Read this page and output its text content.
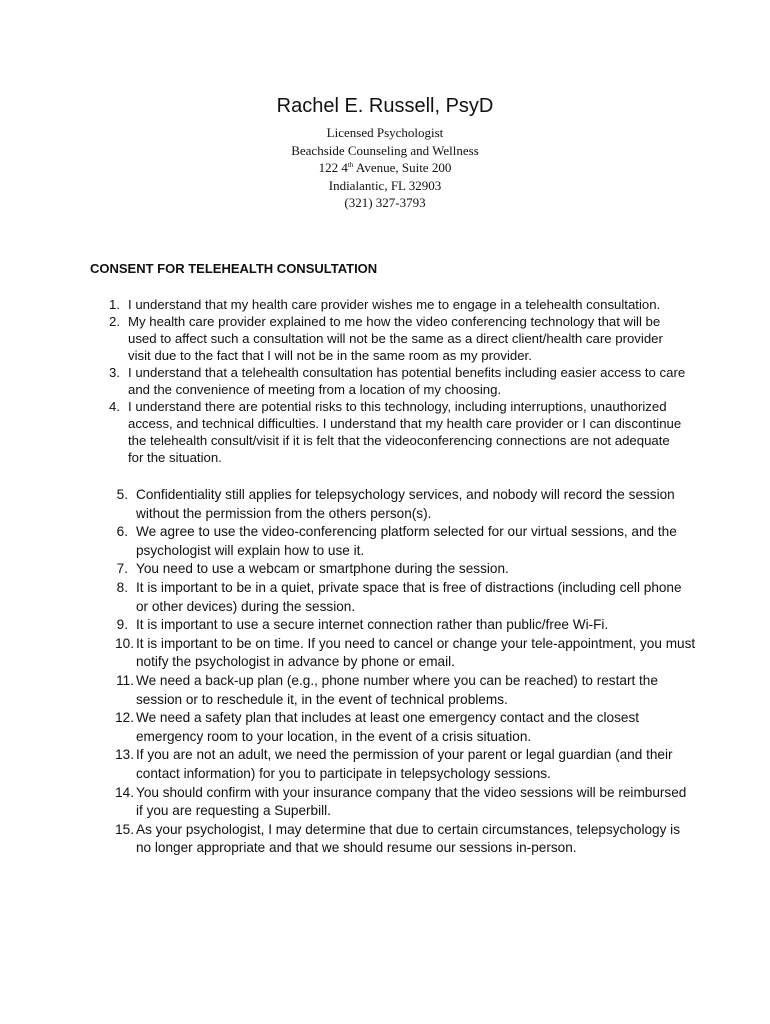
Rachel E. Russell, PsyD

Licensed Psychologist

Beachside Counseling and Wellness

122 4th Avenue, Suite 200

Indialantic, FL 32903

(321) 327-3793

CONSENT FOR TELEHEALTH CONSULTATION

1. I understand that my health care provider wishes me to engage in a telehealth consultation.
2. My health care provider explained to me how the video conferencing technology that will be used to affect such a consultation will not be the same as a direct client/health care provider visit due to the fact that I will not be in the same room as my provider.
3. I understand that a telehealth consultation has potential benefits including easier access to care and the convenience of meeting from a location of my choosing.
4. I understand there are potential risks to this technology, including interruptions, unauthorized access, and technical difficulties. I understand that my health care provider or I can discontinue the telehealth consult/visit if it is felt that the videoconferencing connections are not adequate for the situation.
5. Confidentiality still applies for telepsychology services, and nobody will record the session without the permission from the others person(s).
6. We agree to use the video-conferencing platform selected for our virtual sessions, and the psychologist will explain how to use it.
7. You need to use a webcam or smartphone during the session.
8. It is important to be in a quiet, private space that is free of distractions (including cell phone or other devices) during the session.
9. It is important to use a secure internet connection rather than public/free Wi-Fi.
10. It is important to be on time. If you need to cancel or change your tele-appointment, you must notify the psychologist in advance by phone or email.
11. We need a back-up plan (e.g., phone number where you can be reached) to restart the session or to reschedule it, in the event of technical problems.
12. We need a safety plan that includes at least one emergency contact and the closest emergency room to your location, in the event of a crisis situation.
13. If you are not an adult, we need the permission of your parent or legal guardian (and their contact information) for you to participate in telepsychology sessions.
14. You should confirm with your insurance company that the video sessions will be reimbursed if you are requesting a Superbill.
15. As your psychologist, I may determine that due to certain circumstances, telepsychology is no longer appropriate and that we should resume our sessions in-person.
